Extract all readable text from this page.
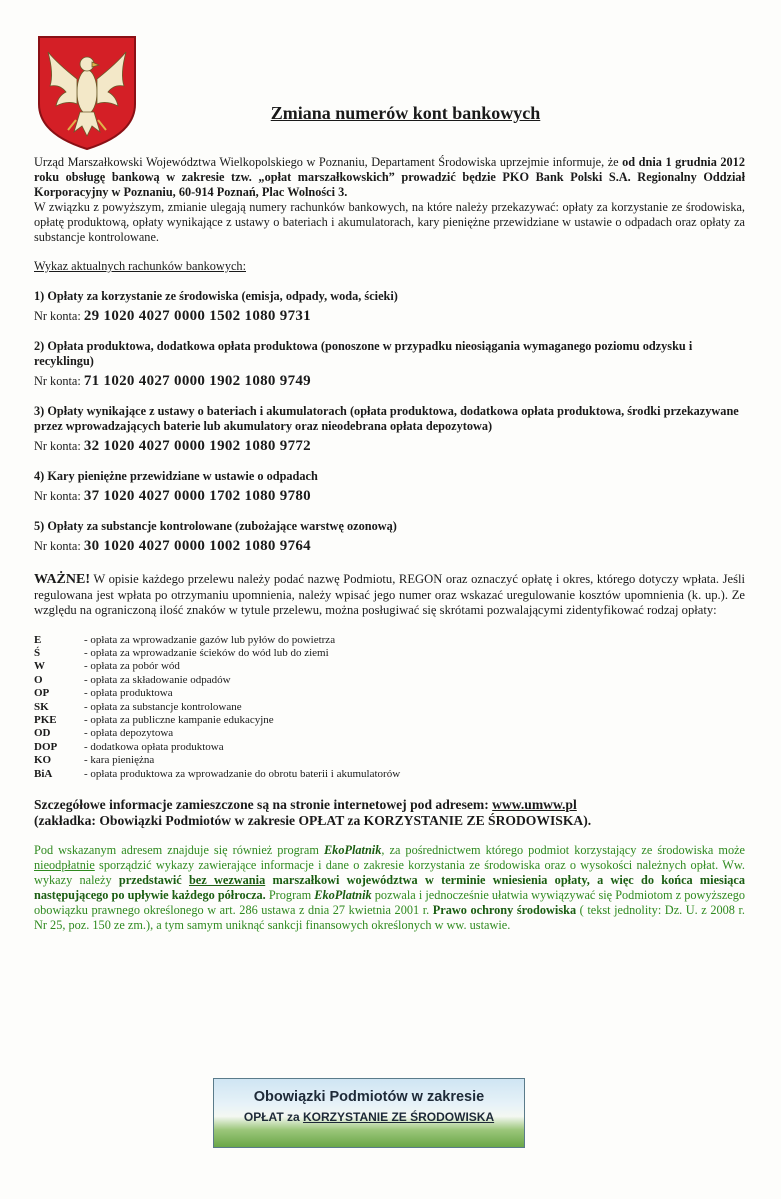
Zmiana numerów kont bankowych

Urząd Marszałkowski Województwa Wielkopolskiego w Poznaniu, Departament Środowiska uprzejmie informuje, że od dnia 1 grudnia 2012 roku obsługę bankową w zakresie tzw. „opłat marszałkowskich” prowadzić będzie PKO Bank Polski S.A. Regionalny Oddział Korporacyjny w Poznaniu, 60-914 Poznań, Plac Wolności 3.

W związku z powyższym, zmianie ulegają numery rachunków bankowych, na które należy przekazywać: opłaty za korzystanie ze środowiska, opłatę produktową, opłaty wynikające z ustawy o bateriach i akumulatorach, kary pieniężne przewidziane w ustawie o odpadach oraz opłaty za substancje kontrolowane.

Wykaz aktualnych rachunków bankowych:
1) Opłaty za korzystanie ze środowiska (emisja, odpady, woda, ścieki)
Nr konta: 29 1020 4027 0000 1502 1080 9731
2) Opłata produktowa, dodatkowa opłata produktowa (ponoszone w przypadku nieosiągania wymaganego poziomu odzysku i recyklingu)
Nr konta: 71 1020 4027 0000 1902 1080 9749
3) Opłaty wynikające z ustawy o bateriach i akumulatorach (opłata produktowa, dodatkowa opłata produktowa, środki przekazywane przez wprowadzających baterie lub akumulatory oraz nieodebrana opłata depozytowa)
Nr konta: 32 1020 4027 0000 1902 1080 9772
4) Kary pieniężne przewidziane w ustawie o odpadach
Nr konta: 37 1020 4027 0000 1702 1080 9780
5) Opłaty za substancje kontrolowane (zubożające warstwę ozonową)
Nr konta: 30 1020 4027 0000 1002 1080 9764

WAŻNE! W opisie każdego przelewu należy podać nazwę Podmiotu, REGON oraz oznaczyć opłatę i okres, którego dotyczy wpłata. Jeśli regulowana jest wpłata po otrzymaniu upomnienia, należy wpisać jego numer oraz wskazać uregulowanie kosztów upomnienia (k. up.). Ze względu na ograniczoną ilość znaków w tytule przelewu, można posługiwać się skrótami pozwalającymi zidentyfikować rodzaj opłaty:

E	- opłata za wprowadzanie gazów lub pyłów do powietrza
Ś	- opłata za wprowadzanie ścieków do wód lub do ziemi
W	- opłata za pobór wód
O	- opłata za składowanie odpadów
OP	- opłata produktowa
SK	- opłata za substancje kontrolowane
PKE	- opłata za publiczne kampanie edukacyjne
OD	- opłata depozytowa
DOP	- dodatkowa opłata produktowa
KO	- kara pieniężna
BiA	- opłata produktowa za wprowadzanie do obrotu baterii i akumulatorów

Szczegółowe informacje zamieszczone są na stronie internetowej pod adresem: www.umww.pl
(zakładka: Obowiązki Podmiotów w zakresie OPŁAT za KORZYSTANIE ZE ŚRODOWISKA).

Pod wskazanym adresem znajduje się również program EkoPlatnik, za pośrednictwem którego podmiot korzystający ze środowiska może nieodpłatnie sporządzić wykazy zawierające informacje i dane o zakresie korzystania ze środowiska oraz o wysokości należnych opłat. Ww. wykazy należy przedstawić bez wezwania marszałkowi województwa w terminie wniesienia opłaty, a więc do końca miesiąca następującego po upływie każdego półrocza. Program EkoPlatnik pozwala i jednocześnie ułatwia wywiązywać się Podmiotom z powyższego obowiązku prawnego określonego w art. 286 ustawa z dnia 27 kwietnia 2001 r. Prawo ochrony środowiska ( tekst jednolity: Dz. U. z 2008 r. Nr 25, poz. 150 ze zm.), a tym samym uniknąć sankcji finansowych określonych w ww. ustawie.

Obowiązki Podmiotów w zakresie
OPŁAT za KORZYSTANIE ZE ŚRODOWISKA
